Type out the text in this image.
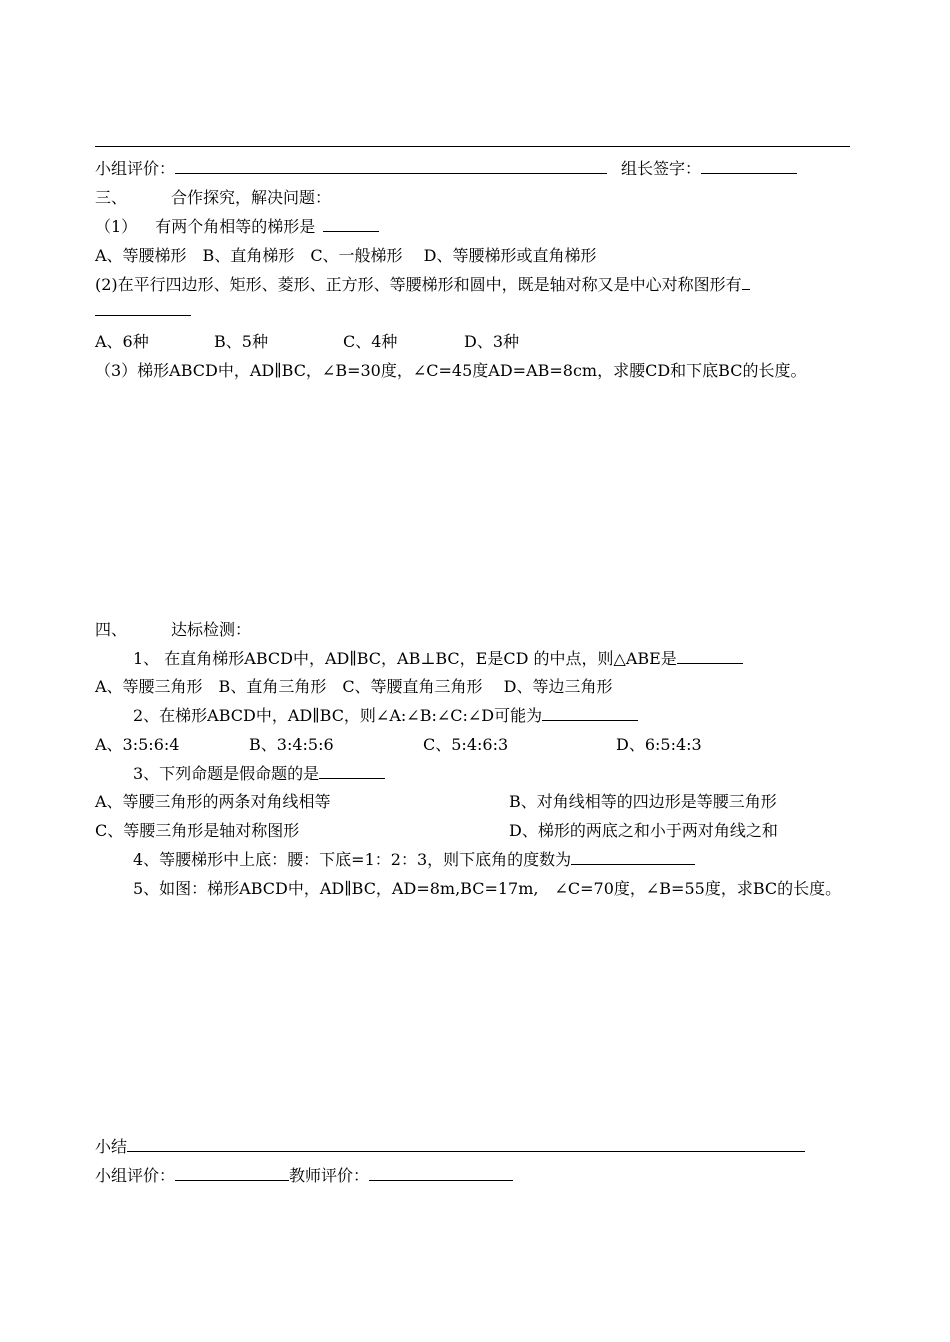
小组评价：	组长签字：
三、	合作探究，解决问题：
（1） 有两个角相等的梯形是
A、等腰梯形　B、直角梯形　C、一般梯形　 D、等腰梯形或直角梯形
(2)在平行四边形、矩形、菱形、正方形、等腰梯形和圆中，既是轴对称又是中心对称图形有
A、6种	B、5种	C、4种	D、3种
（3）梯形ABCD中，AD∥BC，∠B=30度，∠C=45度AD=AB=8cm，求腰CD和下底BC的长度。
四、	达标检测：
1、 在直角梯形ABCD中，AD∥BC，AB⊥BC，E是CD 的中点，则△ABE是
A、等腰三角形　B、直角三角形　C、等腰直角三角形　 D、等边三角形
2、在梯形ABCD中，AD∥BC，则∠A:∠B:∠C:∠D可能为
A、3:5:6:4	B、3:4:5:6	C、5:4:6:3	D、6:5:4:3
3、下列命题是假命题的是
A、等腰三角形的两条对角线相等	B、对角线相等的四边形是等腰三角形
C、等腰三角形是轴对称图形	D、梯形的两底之和小于两对角线之和
4、等腰梯形中上底：腰：下底=1：2：3，则下底角的度数为
5、如图：梯形ABCD中，AD∥BC，AD=8m,BC=17m,　∠C=70度，∠B=55度，求BC的长度。
小结
小组评价：	教师评价：
